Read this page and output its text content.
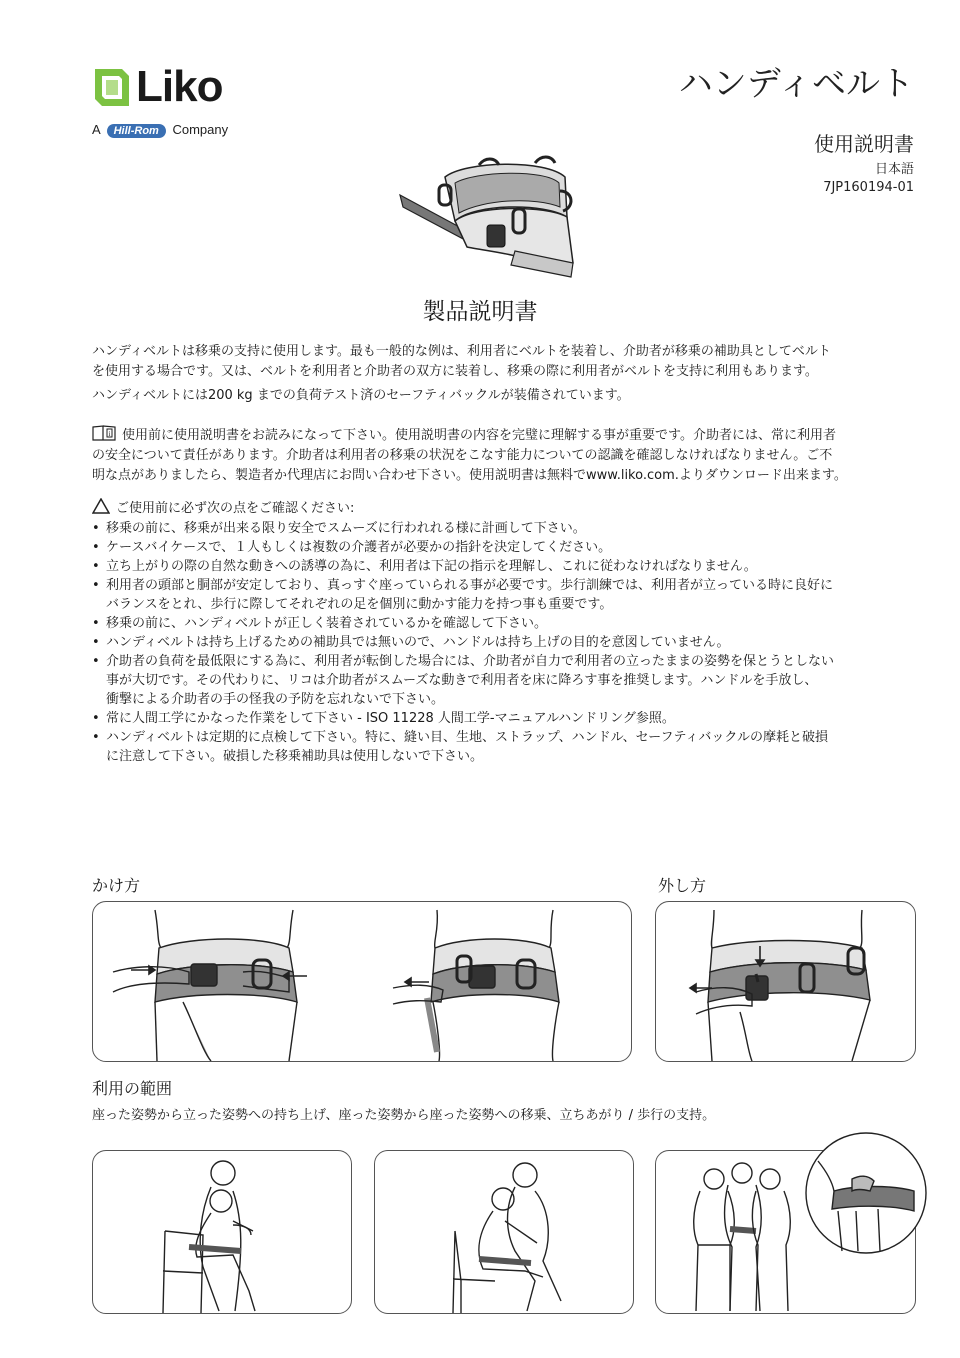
Liko
A Hill-Rom Company
ハンディベルト
使用説明書
日本語
7JP160194-01
製品説明書
ハンディベルトは移乗の支持に使用します。最も一般的な例は、利用者にベルトを装着し、介助者が移乗の補助具としてベルト
を使用する場合です。又は、ベルトを利用者と介助者の双方に装着し、移乗の際に利用者がベルトを支持に利用もあります。
ハンディベルトには200 kg までの負荷テスト済のセーフティバックルが装備されています。
i 使用前に使用説明書をお読みになって下さい。使用説明書の内容を完璧に理解する事が重要です。介助者には、常に利用者
の安全について責任があります。介助者は利用者の移乗の状況をこなす能力についての認識を確認しなければなりません。ご不
明な点がありましたら、製造者か代理店にお問い合わせ下さい。使用説明書は無料でwww.liko.com.よりダウンロード出来ます。
ご使用前に必ず次の点をご確認ください:
• 移乗の前に、移乗が出来る限り安全でスムーズに行われれる様に計画して下さい。
• ケースバイケースで、１人もしくは複数の介護者が必要かの指針を決定してください。
• 立ち上がりの際の自然な動きへの誘導の為に、利用者は下記の指示を理解し、これに従わなければなりません。
• 利用者の頭部と胴部が安定しており、真っすぐ座っていられる事が必要です。歩行訓練では、利用者が立っている時に良好に
バランスをとれ、歩行に際してそれぞれの足を個別に動かす能力を持つ事も重要です。
• 移乗の前に、ハンディベルトが正しく装着されているかを確認して下さい。
• ハンディベルトは持ち上げるための補助具では無いので、ハンドルは持ち上げの目的を意図していません。
• 介助者の負荷を最低限にする為に、利用者が転倒した場合には、介助者が自力で利用者の立ったままの姿勢を保とうとしない
事が大切です。その代わりに、リコは介助者がスムーズな動きで利用者を床に降ろす事を推奨します。ハンドルを手放し、
衝撃による介助者の手の怪我の予防を忘れないで下さい。
• 常に人間工学にかなった作業をして下さい - ISO 11228 人間工学-マニュアルハンドリング参照。
• ハンディベルトは定期的に点検して下さい。特に、縫い目、生地、ストラップ、ハンドル、セーフティバックルの摩耗と破損
に注意して下さい。破損した移乗補助具は使用しないで下さい。
かけ方	外し方
利用の範囲
座った姿勢から立った姿勢への持ち上げ、座った姿勢から座った姿勢への移乗、立ちあがり / 歩行の支持。
